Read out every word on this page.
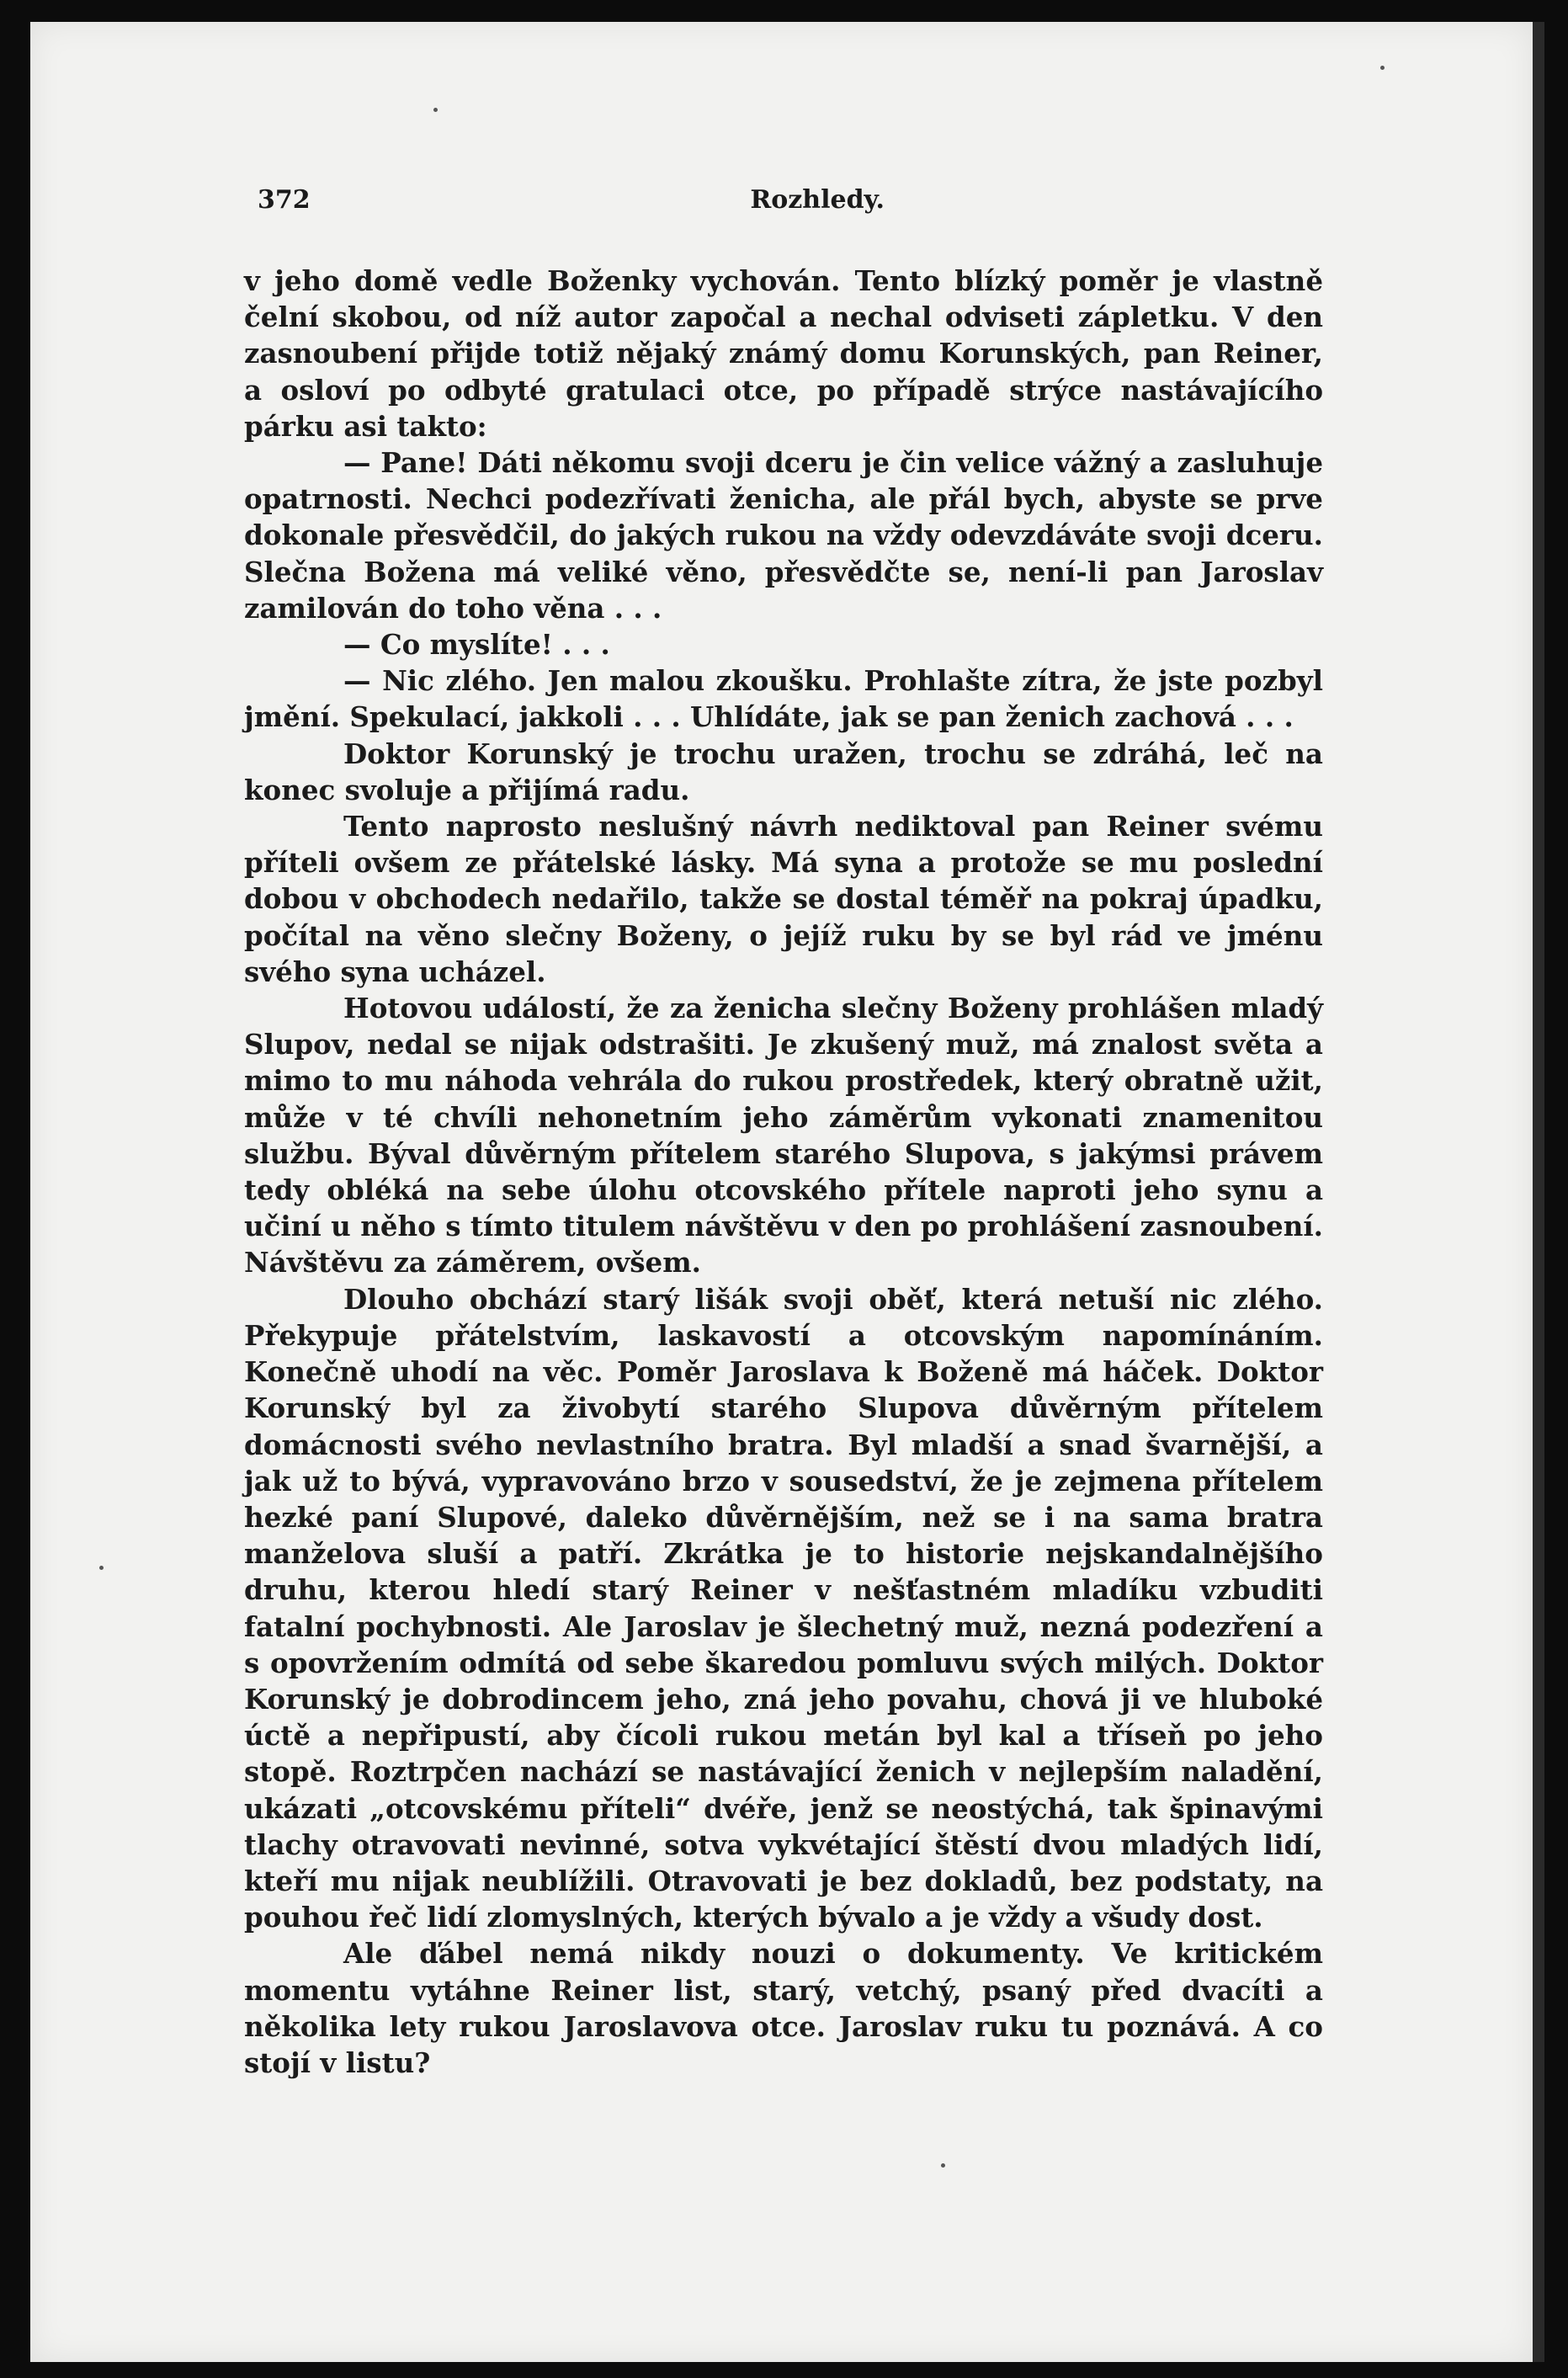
372	Rozhledy.

v jeho domě vedle Boženky vychován. Tento blízký poměr je vlastně čelní skobou, od níž autor započal a nechal odviseti zápletku. V den zasnoubení přijde totiž nějaký známý domu Korunských, pan Reiner, a osloví po odbyté gratulaci otce, po případě strýce nastávajícího párku asi takto:

— Pane! Dáti někomu svoji dceru je čin velice vážný a zasluhuje opatrnosti. Nechci podezřívati ženicha, ale přál bych, abyste se prve dokonale přesvědčil, do jakých rukou na vždy odevzdáváte svoji dceru. Slečna Božena má veliké věno, přesvědčte se, není-li pan Jaroslav zamilován do toho věna . . .

— Co myslíte! . . .

— Nic zlého. Jen malou zkoušku. Prohlašte zítra, že jste pozbyl jmění. Spekulací, jakkoli . . . Uhlídáte, jak se pan ženich zachová . . .

Doktor Korunský je trochu uražen, trochu se zdráhá, leč na konec svoluje a přijímá radu.

Tento naprosto neslušný návrh nediktoval pan Reiner svému příteli ovšem ze přátelské lásky. Má syna a protože se mu poslední dobou v obchodech nedařilo, takže se dostal téměř na pokraj úpadku, počítal na věno slečny Boženy, o jejíž ruku by se byl rád ve jménu svého syna ucházel.

Hotovou událostí, že za ženicha slečny Boženy prohlášen mladý Slupov, nedal se nijak odstrašiti. Je zkušený muž, má znalost světa a mimo to mu náhoda vehrála do rukou prostředek, který obratně užit, může v té chvíli nehonetním jeho záměrům vykonati znamenitou službu. Býval důvěrným přítelem starého Slupova, s jakýmsi právem tedy obléká na sebe úlohu otcovského přítele naproti jeho synu a učiní u něho s tímto titulem návštěvu v den po prohlášení zasnoubení. Návštěvu za záměrem, ovšem.

Dlouho obchází starý lišák svoji oběť, která netuší nic zlého. Překypuje přátelstvím, laskavostí a otcovským napomínáním. Konečně uhodí na věc. Poměr Jaroslava k Boženě má háček. Doktor Korunský byl za živobytí starého Slupova důvěrným přítelem domácnosti svého nevlastního bratra. Byl mladší a snad švarnější, a jak už to bývá, vypravováno brzo v sousedství, že je zejmena přítelem hezké paní Slupové, daleko důvěrnějším, než se i na sama bratra manželova sluší a patří. Zkrátka je to historie nejskandalnějšího druhu, kterou hledí starý Reiner v nešťastném mladíku vzbuditi fatalní pochybnosti. Ale Jaroslav je šlechetný muž, nezná podezření a s opovržením odmítá od sebe škaredou pomluvu svých milých. Doktor Korunský je dobrodincem jeho, zná jeho povahu, chová ji ve hluboké úctě a nepřipustí, aby čícoli rukou metán byl kal a tříseň po jeho stopě. Roztrpčen nachází se nastávající ženich v nejlepším naladění, ukázati „otcovskému příteli“ dvéře, jenž se neostýchá, tak špinavými tlachy otravovati nevinné, sotva vykvétající štěstí dvou mladých lidí, kteří mu nijak neublížili. Otravovati je bez dokladů, bez podstaty, na pouhou řeč lidí zlomyslných, kterých bývalo a je vždy a všudy dost.

Ale ďábel nemá nikdy nouzi o dokumenty. Ve kritickém momentu vytáhne Reiner list, starý, vetchý, psaný před dvacíti a několika lety rukou Jaroslavova otce. Jaroslav ruku tu poznává. A co stojí v listu?
